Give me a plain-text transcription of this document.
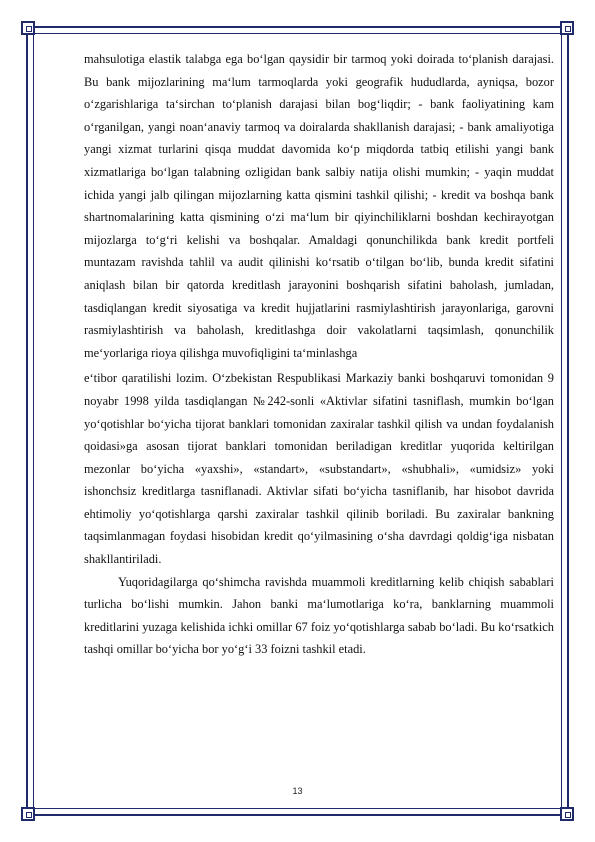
mahsulotiga elastik talabga ega bo‘lgan qaysidir bir tarmoq yoki doirada to‘planish darajasi. Bu bank mijozlarining ma‘lum tarmoqlarda yoki geografik hududlarda, ayniqsa, bozor o‘zgarishlariga ta‘sirchan to‘planish darajasi bilan bog‘liqdir; - bank faoliyatining kam o‘rganilgan, yangi noan‘anaviy tarmoq va doiralarda shakllanish darajasi; - bank amaliyotiga yangi xizmat turlarini qisqa muddat davomida ko‘p miqdorda tatbiq etilishi yangi bank xizmatlariga bo‘lgan talabning ozligidan bank salbiy natija olishi mumkin; - yaqin muddat ichida yangi jalb qilingan mijozlarning katta qismini tashkil qilishi; - kredit va boshqa bank shartnomalarining katta qismining o‘zi ma‘lum bir qiyinchiliklarni boshdan kechirayotgan mijozlarga to‘g‘ri kelishi va boshqalar. Amaldagi qonunchilikda bank kredit portfeli muntazam ravishda tahlil va audit qilinishi ko‘rsatib o‘tilgan bo‘lib, bunda kredit sifatini aniqlash bilan bir qatorda kreditlash jarayonini boshqarish sifatini baholash, jumladan, tasdiqlangan kredit siyosatiga va kredit hujjatlarini rasmiylashtirish jarayonlariga, garovni rasmiylashtirish va baholash, kreditlashga doir vakolatlarni taqsimlash, qonunchilik me‘yorlariga rioya qilishga muvofiqligini ta‘minlashga

e‘tibor qaratilishi lozim. O‘zbekistan Respublikasi Markaziy banki boshqaruvi tomonidan 9 noyabr 1998 yilda tasdiqlangan №242-sonli «Aktivlar sifatini tasniflash, mumkin bo‘lgan yo‘qotishlar bo‘yicha tijorat banklari tomonidan zaxiralar tashkil qilish va undan foydalanish qoidasi»ga asosan tijorat banklari tomonidan beriladigan kreditlar yuqorida keltirilgan mezonlar bo‘yicha «yaxshi», «standart», «substandart», «shubhali», «umidsiz» yoki ishonchsiz kreditlarga tasniflanadi. Aktivlar sifati bo‘yicha tasniflanib, har hisobot davrida ehtimoliy yo‘qotishlarga qarshi zaxiralar tashkil qilinib boriladi. Bu zaxiralar bankning taqsimlanmagan foydasi hisobidan kredit qo‘yilmasining o‘sha davrdagi qoldig‘iga nisbatan shakllantiriladi.

Yuqoridagilarga qo‘shimcha ravishda muammoli kreditlarning kelib chiqish sabablari turlicha bo‘lishi mumkin. Jahon banki ma‘lumotlariga ko‘ra, banklarning muammoli kreditlarini yuzaga kelishida ichki omillar 67 foiz yo‘qotishlarga sabab bo‘ladi. Bu ko‘rsatkich tashqi omillar bo‘yicha bor yo‘g‘i 33 foizni tashkil etadi.

13
